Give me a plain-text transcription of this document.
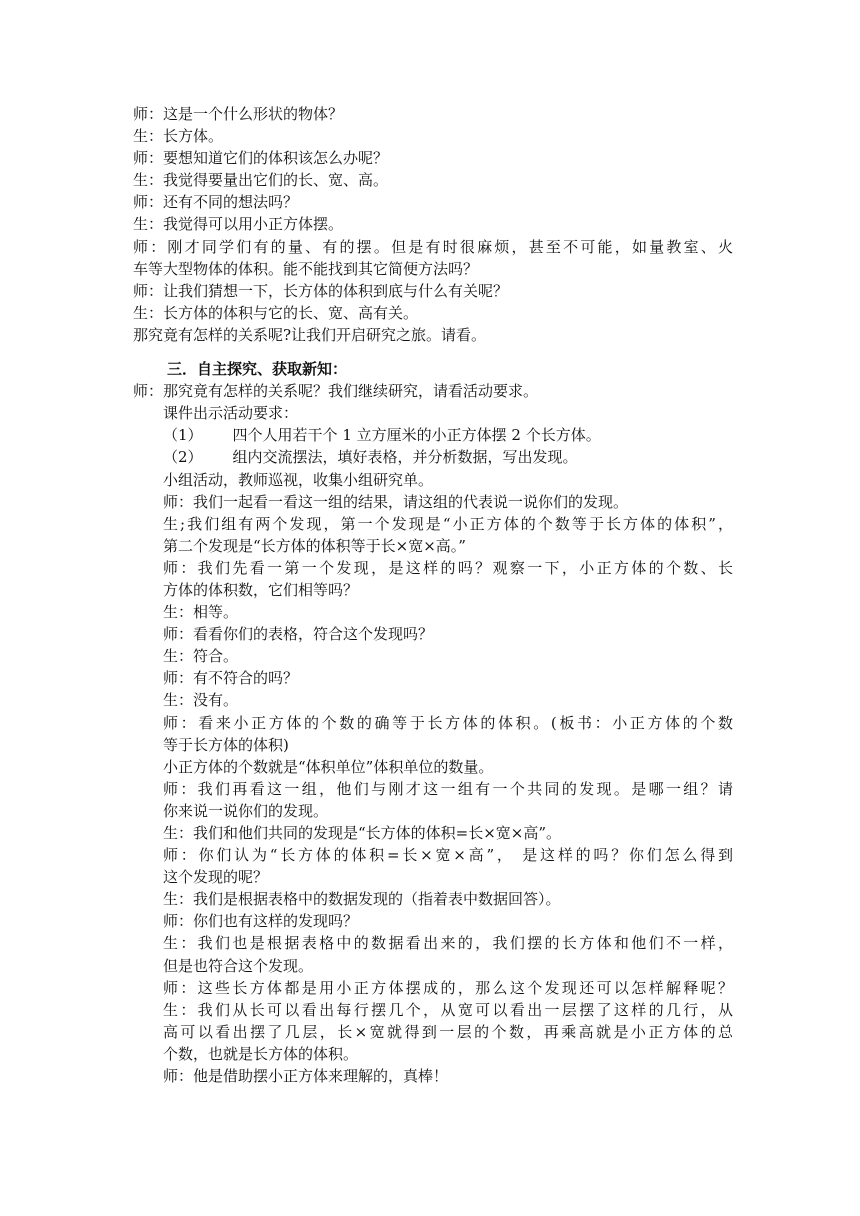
师：这是一个什么形状的物体？
生：长方体。
师：要想知道它们的体积该怎么办呢？
生：我觉得要量出它们的长、宽、高。
师：还有不同的想法吗？
生：我觉得可以用小正方体摆。
师：刚才同学们有的量、有的摆。但是有时很麻烦，甚至不可能，如量教室、火
车等大型物体的体积。能不能找到其它简便方法吗？
师：让我们猜想一下，长方体的体积到底与什么有关呢？
生：长方体的体积与它的长、宽、高有关。
那究竟有怎样的关系呢?让我们开启研究之旅。请看。
三．自主探究、获取新知：
师：那究竟有怎样的关系呢？我们继续研究，请看活动要求。
课件出示活动要求：
（1） 四个人用若干个 1 立方厘米的小正方体摆 2 个长方体。
（2） 组内交流摆法，填好表格，并分析数据，写出发现。
小组活动，教师巡视，收集小组研究单。
师：我们一起看一看这一组的结果，请这组的代表说一说你们的发现。
生;我们组有两个发现，第一个发现是“小正方体的个数等于长方体的体积”，
第二个发现是“长方体的体积等于长×宽×高。”
师：我们先看一第一个发现，是这样的吗？观察一下，小正方体的个数、长
方体的体积数，它们相等吗？
生：相等。
师：看看你们的表格，符合这个发现吗？
生：符合。
师：有不符合的吗？
生：没有。
师：看来小正方体的个数的确等于长方体的体积。(板书：小正方体的个数
等于长方体的体积)
小正方体的个数就是“体积单位”体积单位的数量。
师：我们再看这一组，他们与刚才这一组有一个共同的发现。是哪一组？请
你来说一说你们的发现。
生：我们和他们共同的发现是“长方体的体积=长×宽×高”。
师：你们认为“长方体的体积=长×宽×高”， 是这样的吗？你们怎么得到
这个发现的呢？
生：我们是根据表格中的数据发现的（指着表中数据回答）。
师：你们也有这样的发现吗？
生：我们也是根据表格中的数据看出来的，我们摆的长方体和他们不一样，
但是也符合这个发现。
师：这些长方体都是用小正方体摆成的，那么这个发现还可以怎样解释呢？
生：我们从长可以看出每行摆几个，从宽可以看出一层摆了这样的几行，从
高可以看出摆了几层，长×宽就得到一层的个数，再乘高就是小正方体的总
个数，也就是长方体的体积。
师：他是借助摆小正方体来理解的，真棒！
